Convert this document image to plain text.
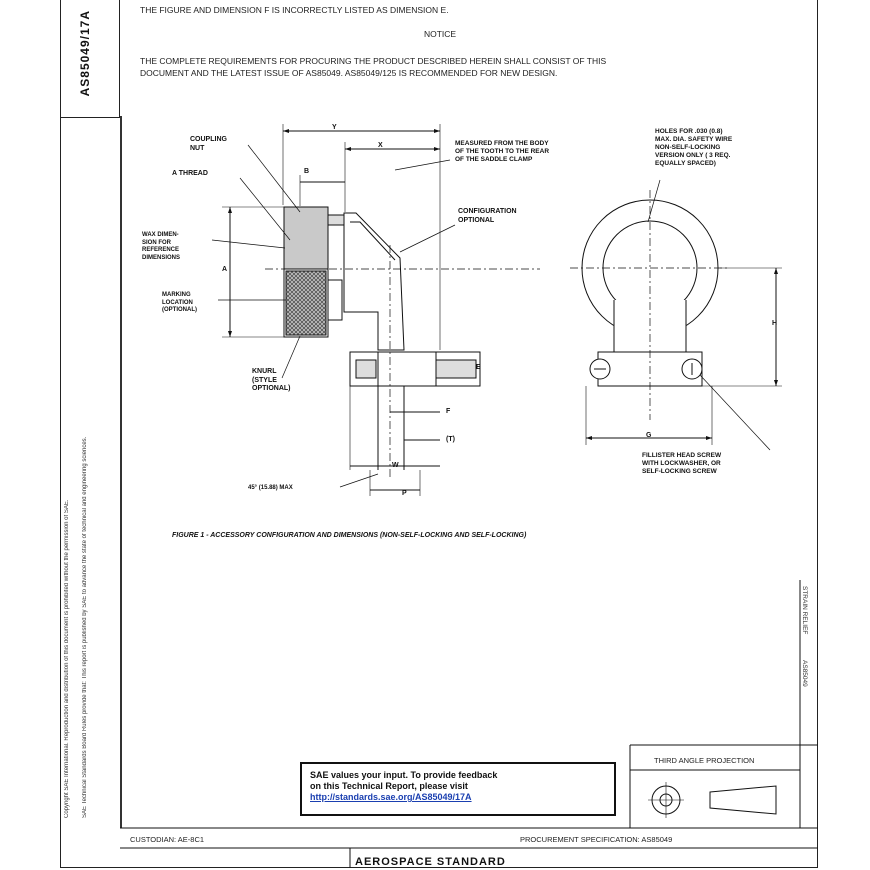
AS85049/17A
Copyright SAE International. Reproduction and distribution of this document is prohibited without the permission of SAE. SAE Technical Standards Board Rules provide that: This report is published by SAE to advance the state of technical and engineering sciences.
THE FIGURE AND DIMENSION F IS INCORRECTLY LISTED AS DIMENSION E.
NOTICE
THE COMPLETE REQUIREMENTS FOR PROCURING THE PRODUCT DESCRIBED HEREIN SHALL CONSIST OF THIS
DOCUMENT AND THE LATEST ISSUE OF AS85049. AS85049/125 IS RECOMMENDED FOR NEW DESIGN.
COUPLING
NUT
A THREAD
WAX DIMEN-
SION FOR
REFERENCE
DIMENSIONS
MARKING
LOCATION
(OPTIONAL)
KNURL
(STYLE
OPTIONAL)
MEASURED FROM THE BODY
OF THE TOOTH TO THE REAR
OF THE SADDLE CLAMP
CONFIGURATION
OPTIONAL
45° (15.88) MAX
Y
X
B
A
E
F
(T)
W
P
HOLES FOR .030 (0.8)
MAX. DIA. SAFETY WIRE
NON-SELF-LOCKING
VERSION ONLY ( 3 REQ.
EQUALLY SPACED)
FILLISTER HEAD SCREW
WITH LOCKWASHER, OR
SELF-LOCKING SCREW
H
G
FIGURE 1 - ACCESSORY CONFIGURATION AND DIMENSIONS (NON-SELF-LOCKING AND SELF-LOCKING)
STRAIN RELIEF
AS85049
SAE values your input. To provide feedback
on this Technical Report, please visit
http://standards.sae.org/AS85049/17A
THIRD ANGLE PROJECTION
CUSTODIAN: AE-8C1	PROCUREMENT SPECIFICATION: AS85049
AEROSPACE STANDARD
